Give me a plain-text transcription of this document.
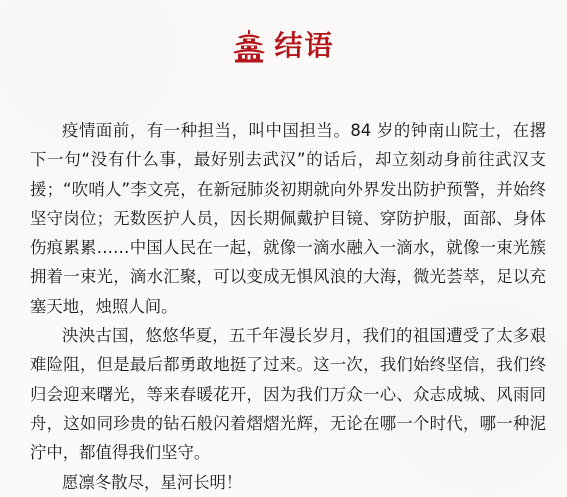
结语

疫情面前，有一种担当，叫中国担当。84 岁的钟南山院士，在撂下一句“没有什么事，最好别去武汉”的话后，却立刻动身前往武汉支援；“吹哨人”李文亮，在新冠肺炎初期就向外界发出防护预警，并始终坚守岗位；无数医护人员，因长期佩戴护目镜、穿防护服，面部、身体伤痕累累……中国人民在一起，就像一滴水融入一滴水，就像一束光簇拥着一束光，滴水汇聚，可以变成无惧风浪的大海，微光荟萃，足以充塞天地，烛照人间。

泱泱古国，悠悠华夏，五千年漫长岁月，我们的祖国遭受了太多艰难险阻，但是最后都勇敢地挺了过来。这一次，我们始终坚信，我们终归会迎来曙光，等来春暖花开，因为我们万众一心、众志成城、风雨同舟，这如同珍贵的钻石般闪着熠熠光辉，无论在哪一个时代，哪一种泥泞中，都值得我们坚守。

愿凛冬散尽，星河长明！
